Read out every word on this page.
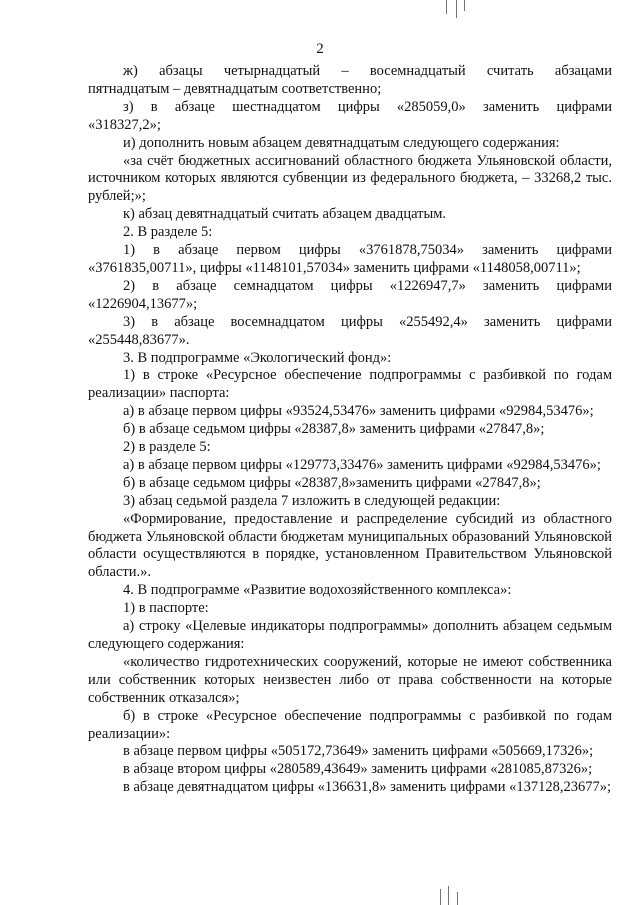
2

ж) абзацы четырнадцатый – восемнадцатый считать абзацами

пятнадцатым – девятнадцатым соответственно;

з) в абзаце шестнадцатом цифры «285059,0» заменить цифрами

«318327,2»;

и) дополнить новым абзацем девятнадцатым следующего содержания:

«за счёт бюджетных ассигнований областного бюджета Ульяновской области, источником которых являются субвенции из федерального бюджета, – 33268,2 тыс. рублей;»;

к) абзац девятнадцатый считать абзацем двадцатым.

2. В разделе 5:

1) в абзаце первом цифры «3761878,75034» заменить цифрами «3761835,00711», цифры «1148101,57034» заменить цифрами «1148058,00711»;

2) в абзаце семнадцатом цифры «1226947,7» заменить цифрами «1226904,13677»;

3) в абзаце восемнадцатом цифры «255492,4» заменить цифрами «255448,83677».

3. В подпрограмме «Экологический фонд»:

1) в строке «Ресурсное обеспечение подпрограммы с разбивкой по годам реализации» паспорта:

а) в абзаце первом цифры «93524,53476» заменить цифрами «92984,53476»;

б) в абзаце седьмом цифры «28387,8» заменить цифрами «27847,8»;

2) в разделе 5:

а) в абзаце первом цифры «129773,33476» заменить цифрами «92984,53476»;

б) в абзаце седьмом цифры «28387,8»заменить цифрами «27847,8»;

3) абзац седьмой раздела 7 изложить в следующей редакции:

«Формирование, предоставление и распределение субсидий из областного бюджета Ульяновской области бюджетам муниципальных образований Ульяновской области осуществляются в порядке, установленном Правительством Ульяновской области.».

4. В подпрограмме «Развитие водохозяйственного комплекса»:

1) в паспорте:

а) строку «Целевые индикаторы подпрограммы» дополнить абзацем седьмым следующего содержания:

«количество гидротехнических сооружений, которые не имеют собственника или собственник которых неизвестен либо от права собственности на которые собственник отказался»;

б) в строке «Ресурсное обеспечение подпрограммы с разбивкой по годам реализации»:

в абзаце первом цифры «505172,73649» заменить цифрами «505669,17326»;

в абзаце втором цифры «280589,43649» заменить цифрами «281085,87326»;

в абзаце девятнадцатом цифры «136631,8» заменить цифрами «137128,23677»;
